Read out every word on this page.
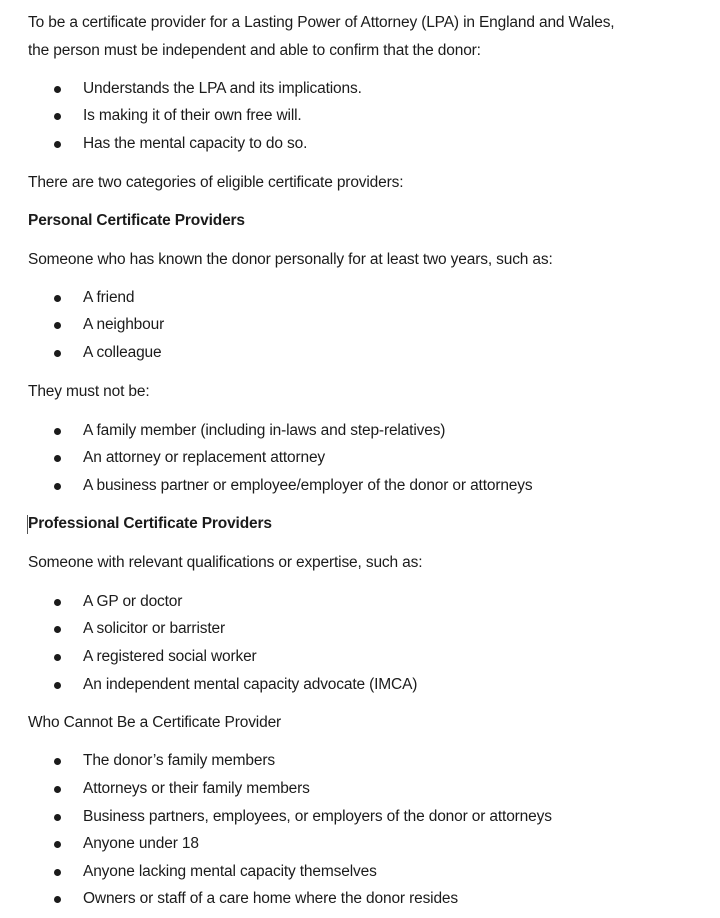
To be a certificate provider for a Lasting Power of Attorney (LPA) in England and Wales,
the person must be independent and able to confirm that the donor:
Understands the LPA and its implications.
Is making it of their own free will.
Has the mental capacity to do so.
There are two categories of eligible certificate providers:
Personal Certificate Providers
Someone who has known the donor personally for at least two years, such as:
A friend
A neighbour
A colleague
They must not be:
A family member (including in-laws and step-relatives)
An attorney or replacement attorney
A business partner or employee/employer of the donor or attorneys
Professional Certificate Providers
Someone with relevant qualifications or expertise, such as:
A GP or doctor
A solicitor or barrister
A registered social worker
An independent mental capacity advocate (IMCA)
Who Cannot Be a Certificate Provider
The donor’s family members
Attorneys or their family members
Business partners, employees, or employers of the donor or attorneys
Anyone under 18
Anyone lacking mental capacity themselves
Owners or staff of a care home where the donor resides
